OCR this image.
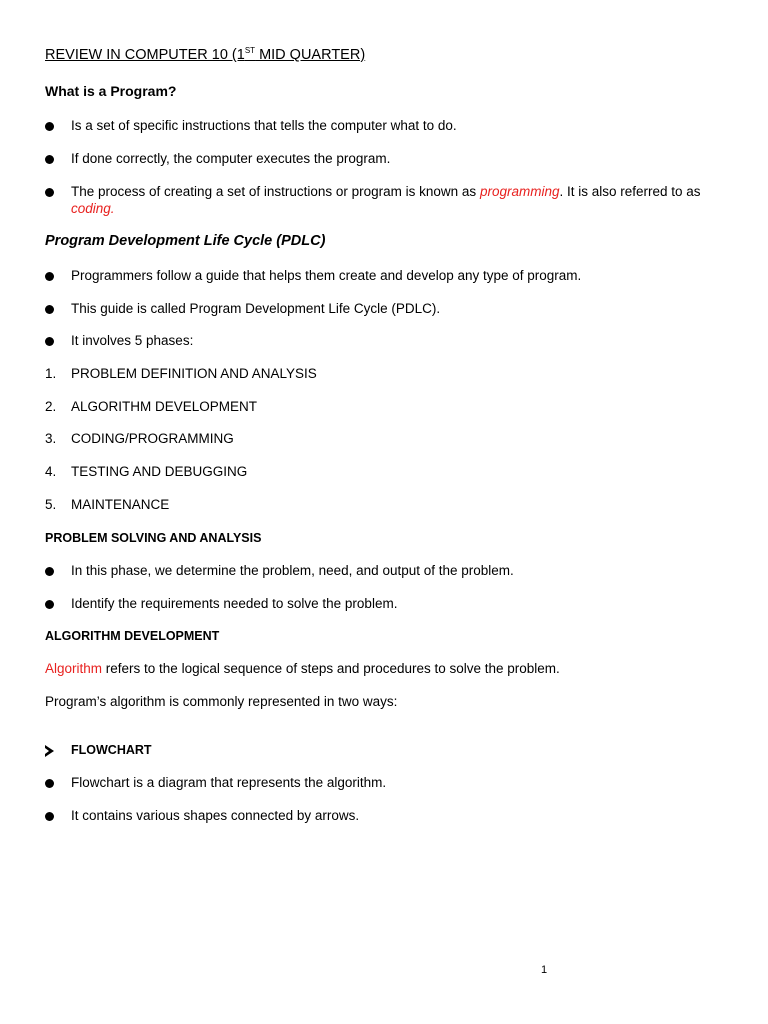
REVIEW IN COMPUTER 10 (1ST MID QUARTER)
What is a Program?
Is a set of specific instructions that tells the computer what to do.
If done correctly, the computer executes the program.
The process of creating a set of instructions or program is known as programming. It is also referred to as
coding.
Program Development Life Cycle (PDLC)
Programmers follow a guide that helps them create and develop any type of program.
This guide is called Program Development Life Cycle (PDLC).
It involves 5 phases:
1. PROBLEM DEFINITION AND ANALYSIS
2. ALGORITHM DEVELOPMENT
3. CODING/PROGRAMMING
4. TESTING AND DEBUGGING
5. MAINTENANCE
PROBLEM SOLVING AND ANALYSIS
In this phase, we determine the problem, need, and output of the problem.
Identify the requirements needed to solve the problem.
ALGORITHM DEVELOPMENT
Algorithm refers to the logical sequence of steps and procedures to solve the problem.
Program’s algorithm is commonly represented in two ways:
FLOWCHART
Flowchart is a diagram that represents the algorithm.
It contains various shapes connected by arrows.
1
